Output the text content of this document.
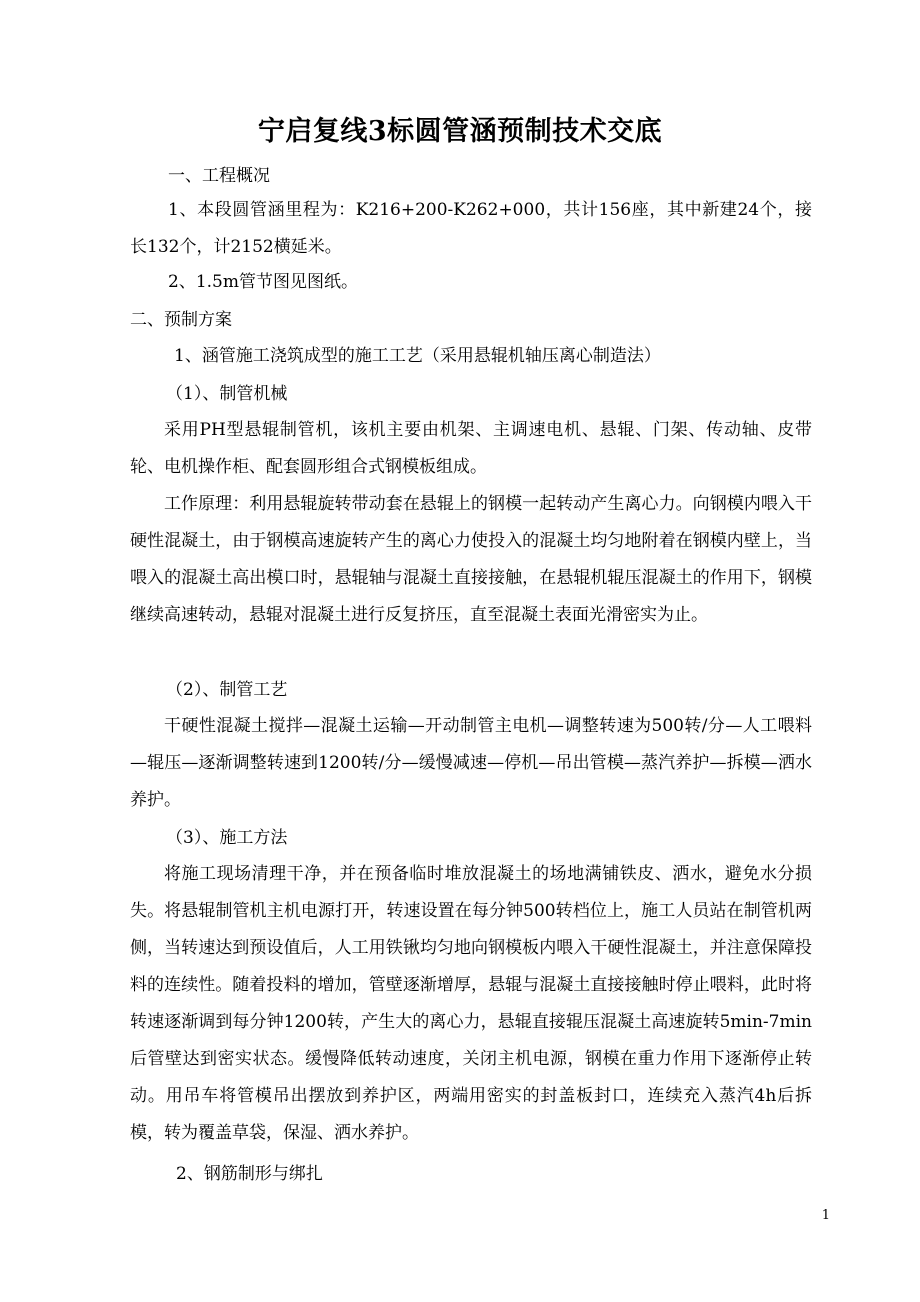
宁启复线3标圆管涵预制技术交底

一、工程概况

1、本段圆管涵里程为：K216+200-K262+000，共计156座，其中新建24个，接长132个，计2152横延米。

2、1.5m管节图见图纸。

二、预制方案

1、涵管施工浇筑成型的施工工艺（采用悬辊机轴压离心制造法）

（1）、制管机械

采用PH型悬辊制管机，该机主要由机架、主调速电机、悬辊、门架、传动轴、皮带轮、电机操作柜、配套圆形组合式钢模板组成。

工作原理：利用悬辊旋转带动套在悬辊上的钢模一起转动产生离心力。向钢模内喂入干硬性混凝土，由于钢模高速旋转产生的离心力使投入的混凝土均匀地附着在钢模内壁上，当喂入的混凝土高出模口时，悬辊轴与混凝土直接接触，在悬辊机辊压混凝土的作用下，钢模继续高速转动，悬辊对混凝土进行反复挤压，直至混凝土表面光滑密实为止。

（2）、制管工艺

干硬性混凝土搅拌—混凝土运输—开动制管主电机—调整转速为500转/分—人工喂料—辊压—逐渐调整转速到1200转/分—缓慢减速—停机—吊出管模—蒸汽养护—拆模—洒水养护。

（3）、施工方法

将施工现场清理干净，并在预备临时堆放混凝土的场地满铺铁皮、洒水，避免水分损失。将悬辊制管机主机电源打开，转速设置在每分钟500转档位上，施工人员站在制管机两侧，当转速达到预设值后，人工用铁锹均匀地向钢模板内喂入干硬性混凝土，并注意保障投料的连续性。随着投料的增加，管壁逐渐增厚，悬辊与混凝土直接接触时停止喂料，此时将转速逐渐调到每分钟1200转，产生大的离心力，悬辊直接辊压混凝土高速旋转5min-7min后管壁达到密实状态。缓慢降低转动速度，关闭主机电源，钢模在重力作用下逐渐停止转动。用吊车将管模吊出摆放到养护区，两端用密实的封盖板封口，连续充入蒸汽4h后拆模，转为覆盖草袋，保湿、洒水养护。

2、钢筋制形与绑扎

1
